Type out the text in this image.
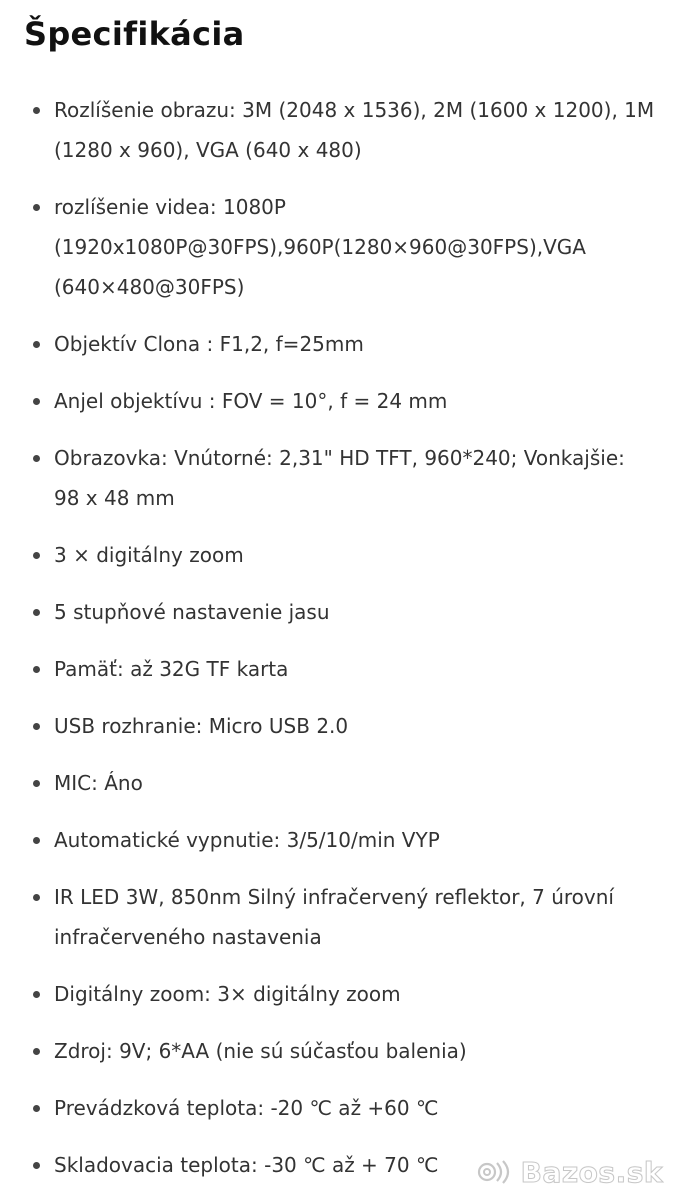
Špecifikácia
Rozlíšenie obrazu: 3M (2048 x 1536), 2M (1600 x 1200), 1M (1280 x 960), VGA (640 x 480)
rozlíšenie videa: 1080P (1920x1080P@30FPS),960P(1280×960@30FPS),VGA (640×480@30FPS)
Objektív Clona : F1,2, f=25mm
Anjel objektívu : FOV = 10°, f = 24 mm
Obrazovka: Vnútorné: 2,31" HD TFT, 960*240; Vonkajšie: 98 x 48 mm
3 × digitálny zoom
5 stupňové nastavenie jasu
Pamäť: až 32G TF karta
USB rozhranie: Micro USB 2.0
MIC: Áno
Automatické vypnutie: 3/5/10/min VYP
IR LED 3W, 850nm Silný infračervený reflektor, 7 úrovní infračerveného nastavenia
Digitálny zoom: 3× digitálny zoom
Zdroj: 9V; 6*AA (nie sú súčasťou balenia)
Prevádzková teplota: -20 ℃ až +60 ℃
Skladovacia teplota: -30 ℃ až + 70 ℃	Bazos.sk
